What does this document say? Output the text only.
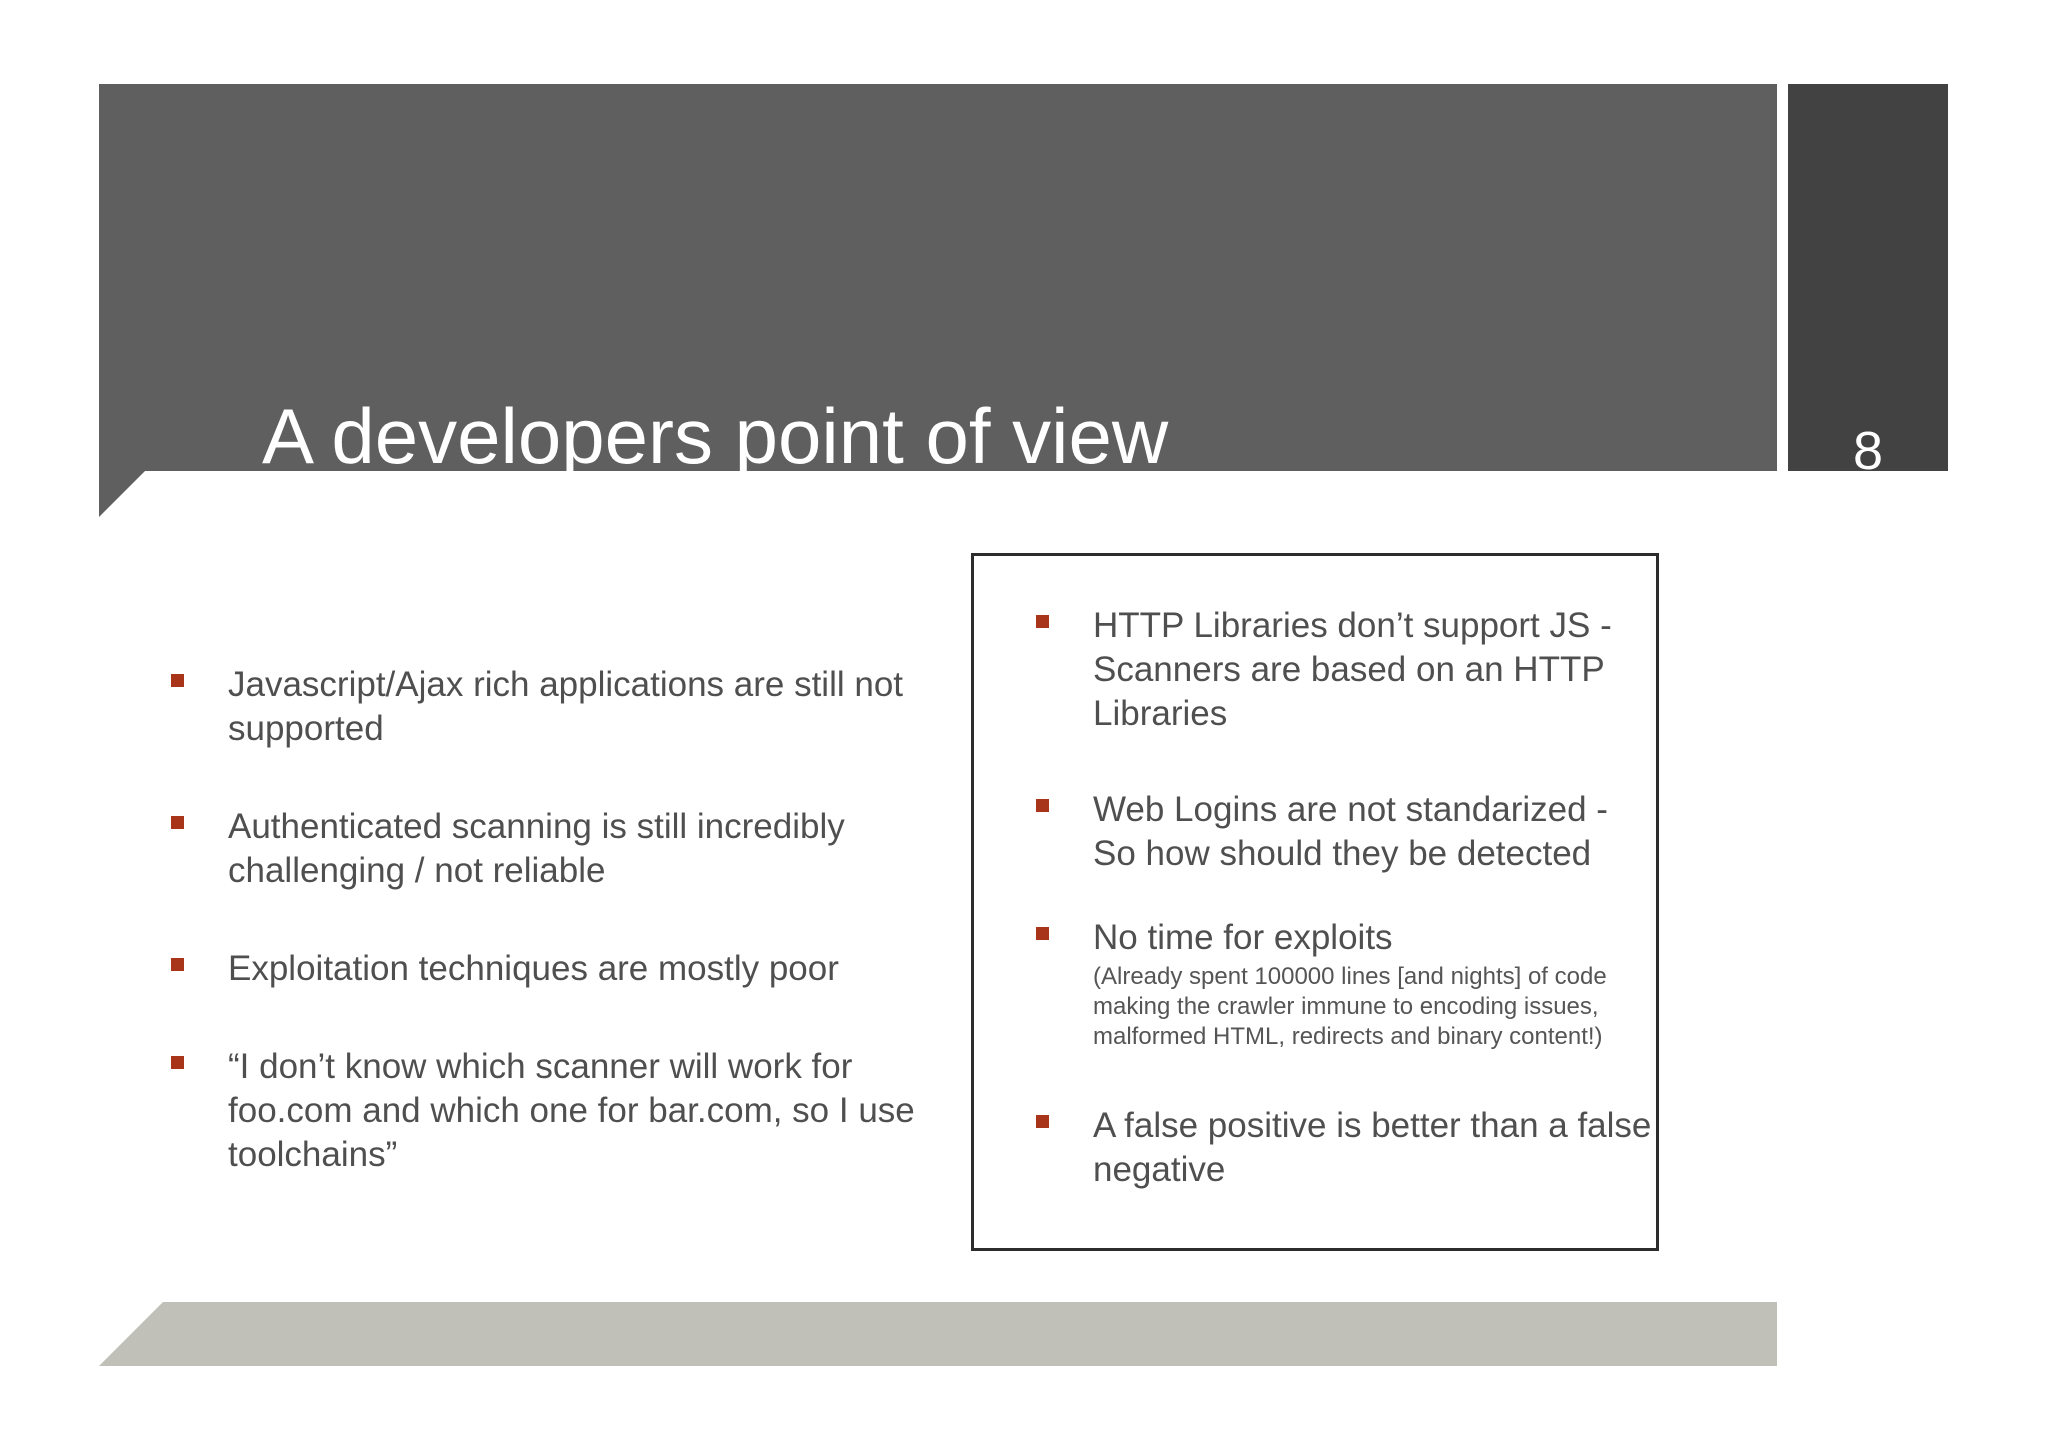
A developers point of view	8
Javascript/Ajax rich applications are still not supported
Authenticated scanning is still incredibly challenging / not reliable
Exploitation techniques are mostly poor
“I don’t know which scanner will work for foo.com and which one for bar.com, so I use toolchains”
HTTP Libraries don’t support JS - Scanners are based on an HTTP Libraries
Web Logins are not standarized - So how should they be detected
No time for exploits
(Already spent 100000 lines [and nights] of code making the crawler immune to encoding issues, malformed HTML, redirects and binary content!)
A false positive is better than a false negative
